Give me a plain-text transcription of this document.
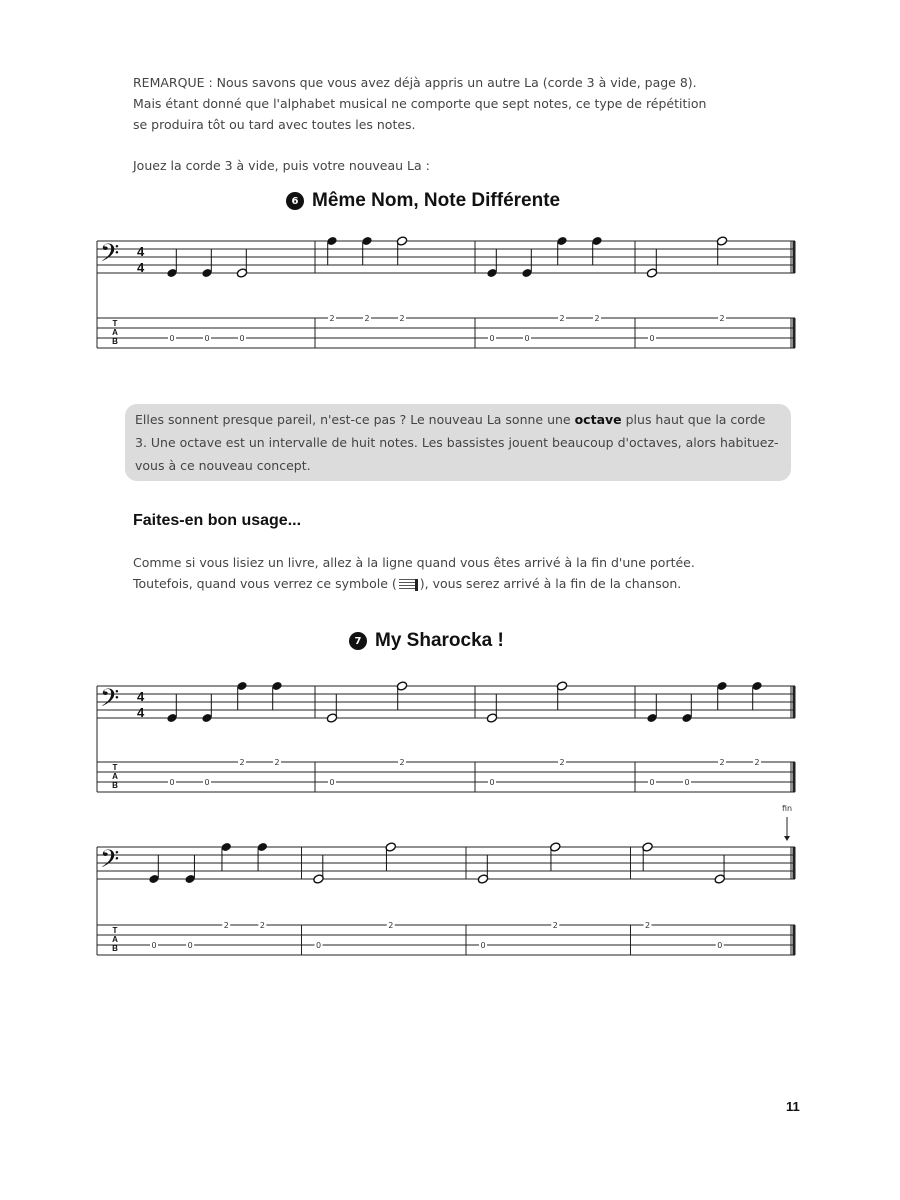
REMARQUE : Nous savons que vous avez déjà appris un autre La (corde 3 à vide, page 8).
Mais étant donné que l'alphabet musical ne comporte que sept notes, ce type de répétition
se produira tôt ou tard avec toutes les notes.
Jouez la corde 3 à vide, puis votre nouveau La :
6 Même Nom, Note Différente
Elles sonnent presque pareil, n'est-ce pas ? Le nouveau La sonne une octave plus haut que la corde 3. Une octave est un intervalle de huit notes. Les bassistes jouent beaucoup d'octaves, alors habituez-vous à ce nouveau concept.
Faites-en bon usage...
Comme si vous lisiez un livre, allez à la ligne quand vous êtes arrivé à la fin d'une portée.
Toutefois, quand vous verrez ce symbole ( ), vous serez arrivé à la fin de la chanson.
7 My Sharocka !
11
𝄢 4
4
T
A
B	0	0	0
2	2	2
0	0
2	2
0
2
𝄢 4
4
T
A
B	0	0
2	2
0
2
0
2
0	0
2	2
𝄢
T
A
B	0	0
2	2
0
2
0
2	2
0
fin
